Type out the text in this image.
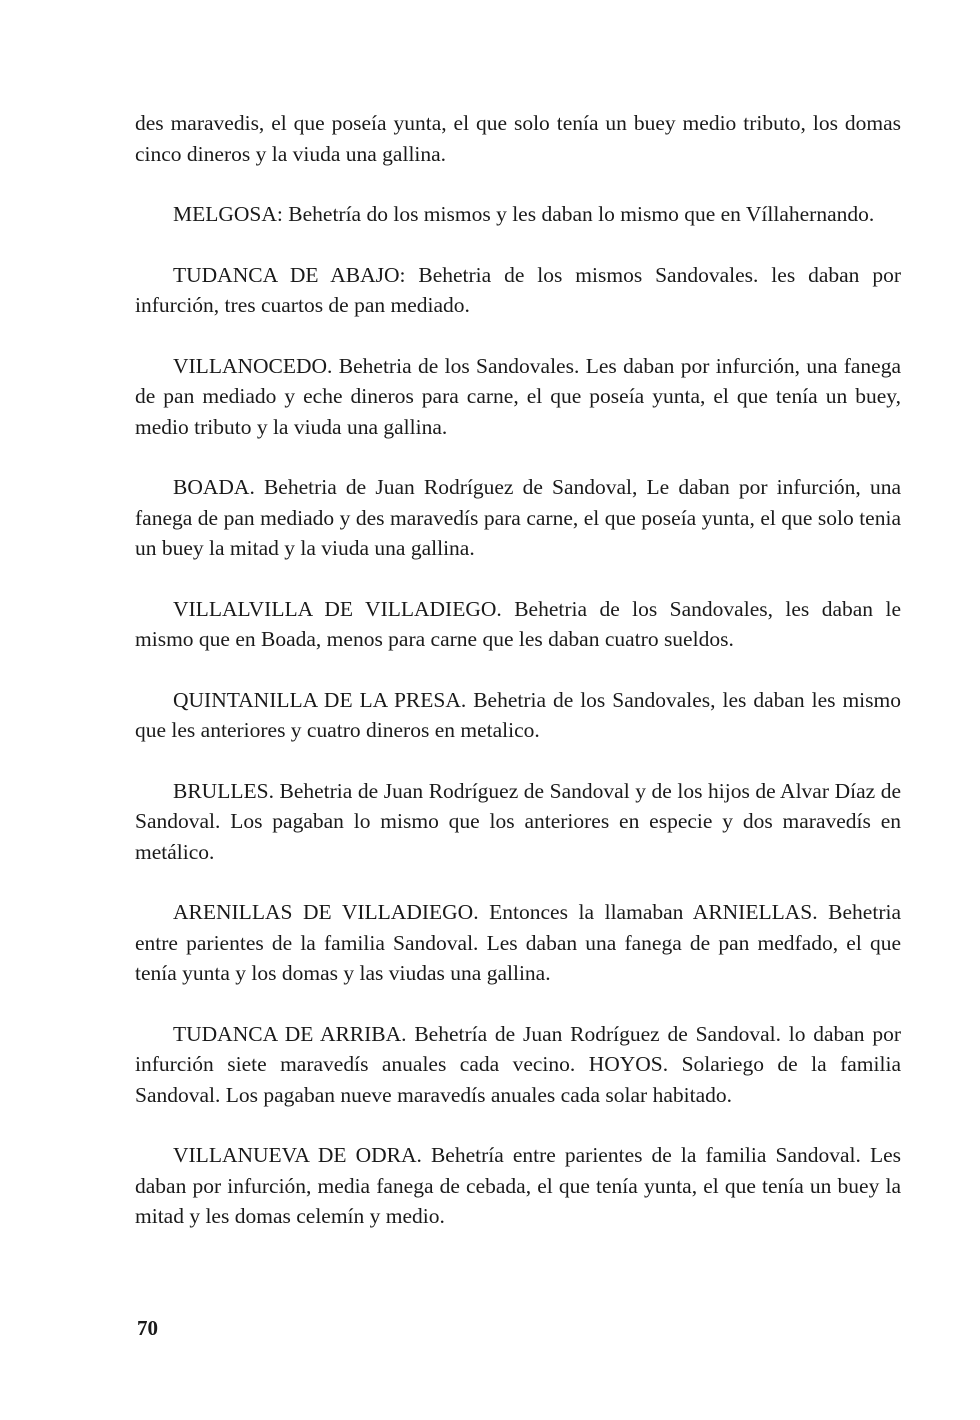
des maravedis, el que poseía yunta, el que solo tenía un buey medio tributo, los domas cinco dineros y la viuda una gallina.

MELGOSA: Behetría do los mismos y les daban lo mismo que en Víllahernando.

TUDANCA DE ABAJO: Behetria de los mismos Sandovales. les daban por infurción, tres cuartos de pan mediado.

VILLANOCEDO. Behetria de los Sandovales. Les daban por infurción, una fanega de pan mediado y eche dineros para carne, el que poseía yunta, el que tenía un buey, medio tributo y la viuda una gallina.

BOADA. Behetria de Juan Rodríguez de Sandoval, Le daban por infurción, una fanega de pan mediado y des maravedís para carne, el que poseía yunta, el que solo tenia un buey la mitad y la viuda una gallina.

VILLALVILLA DE VILLADIEGO. Behetria de los Sandovales, les daban le mismo que en Boada, menos para carne que les daban cuatro sueldos.

QUINTANILLA DE LA PRESA. Behetria de los Sandovales, les daban les mismo que les anteriores y cuatro dineros en metalico.

BRULLES. Behetria de Juan Rodríguez de Sandoval y de los hijos de Alvar Díaz de Sandoval. Los pagaban lo mismo que los anteriores en especie y dos maravedís en metálico.

ARENILLAS DE VILLADIEGO. Entonces la llamaban ARNIELLAS. Behetria entre parientes de la familia Sandoval. Les daban una fanega de pan medfado, el que tenía yunta y los domas y las viudas una gallina.

TUDANCA DE ARRIBA. Behetría de Juan Rodríguez de Sandoval. lo daban por infurción siete maravedís anuales cada vecino. HOYOS. Solariego de la familia Sandoval. Los pagaban nueve maravedís anuales cada solar habitado.

VILLANUEVA DE ODRA. Behetría entre parientes de la familia Sandoval. Les daban por infurción, media fanega de cebada, el que tenía yunta, el que tenía un buey la mitad y les domas celemín y medio.

70
